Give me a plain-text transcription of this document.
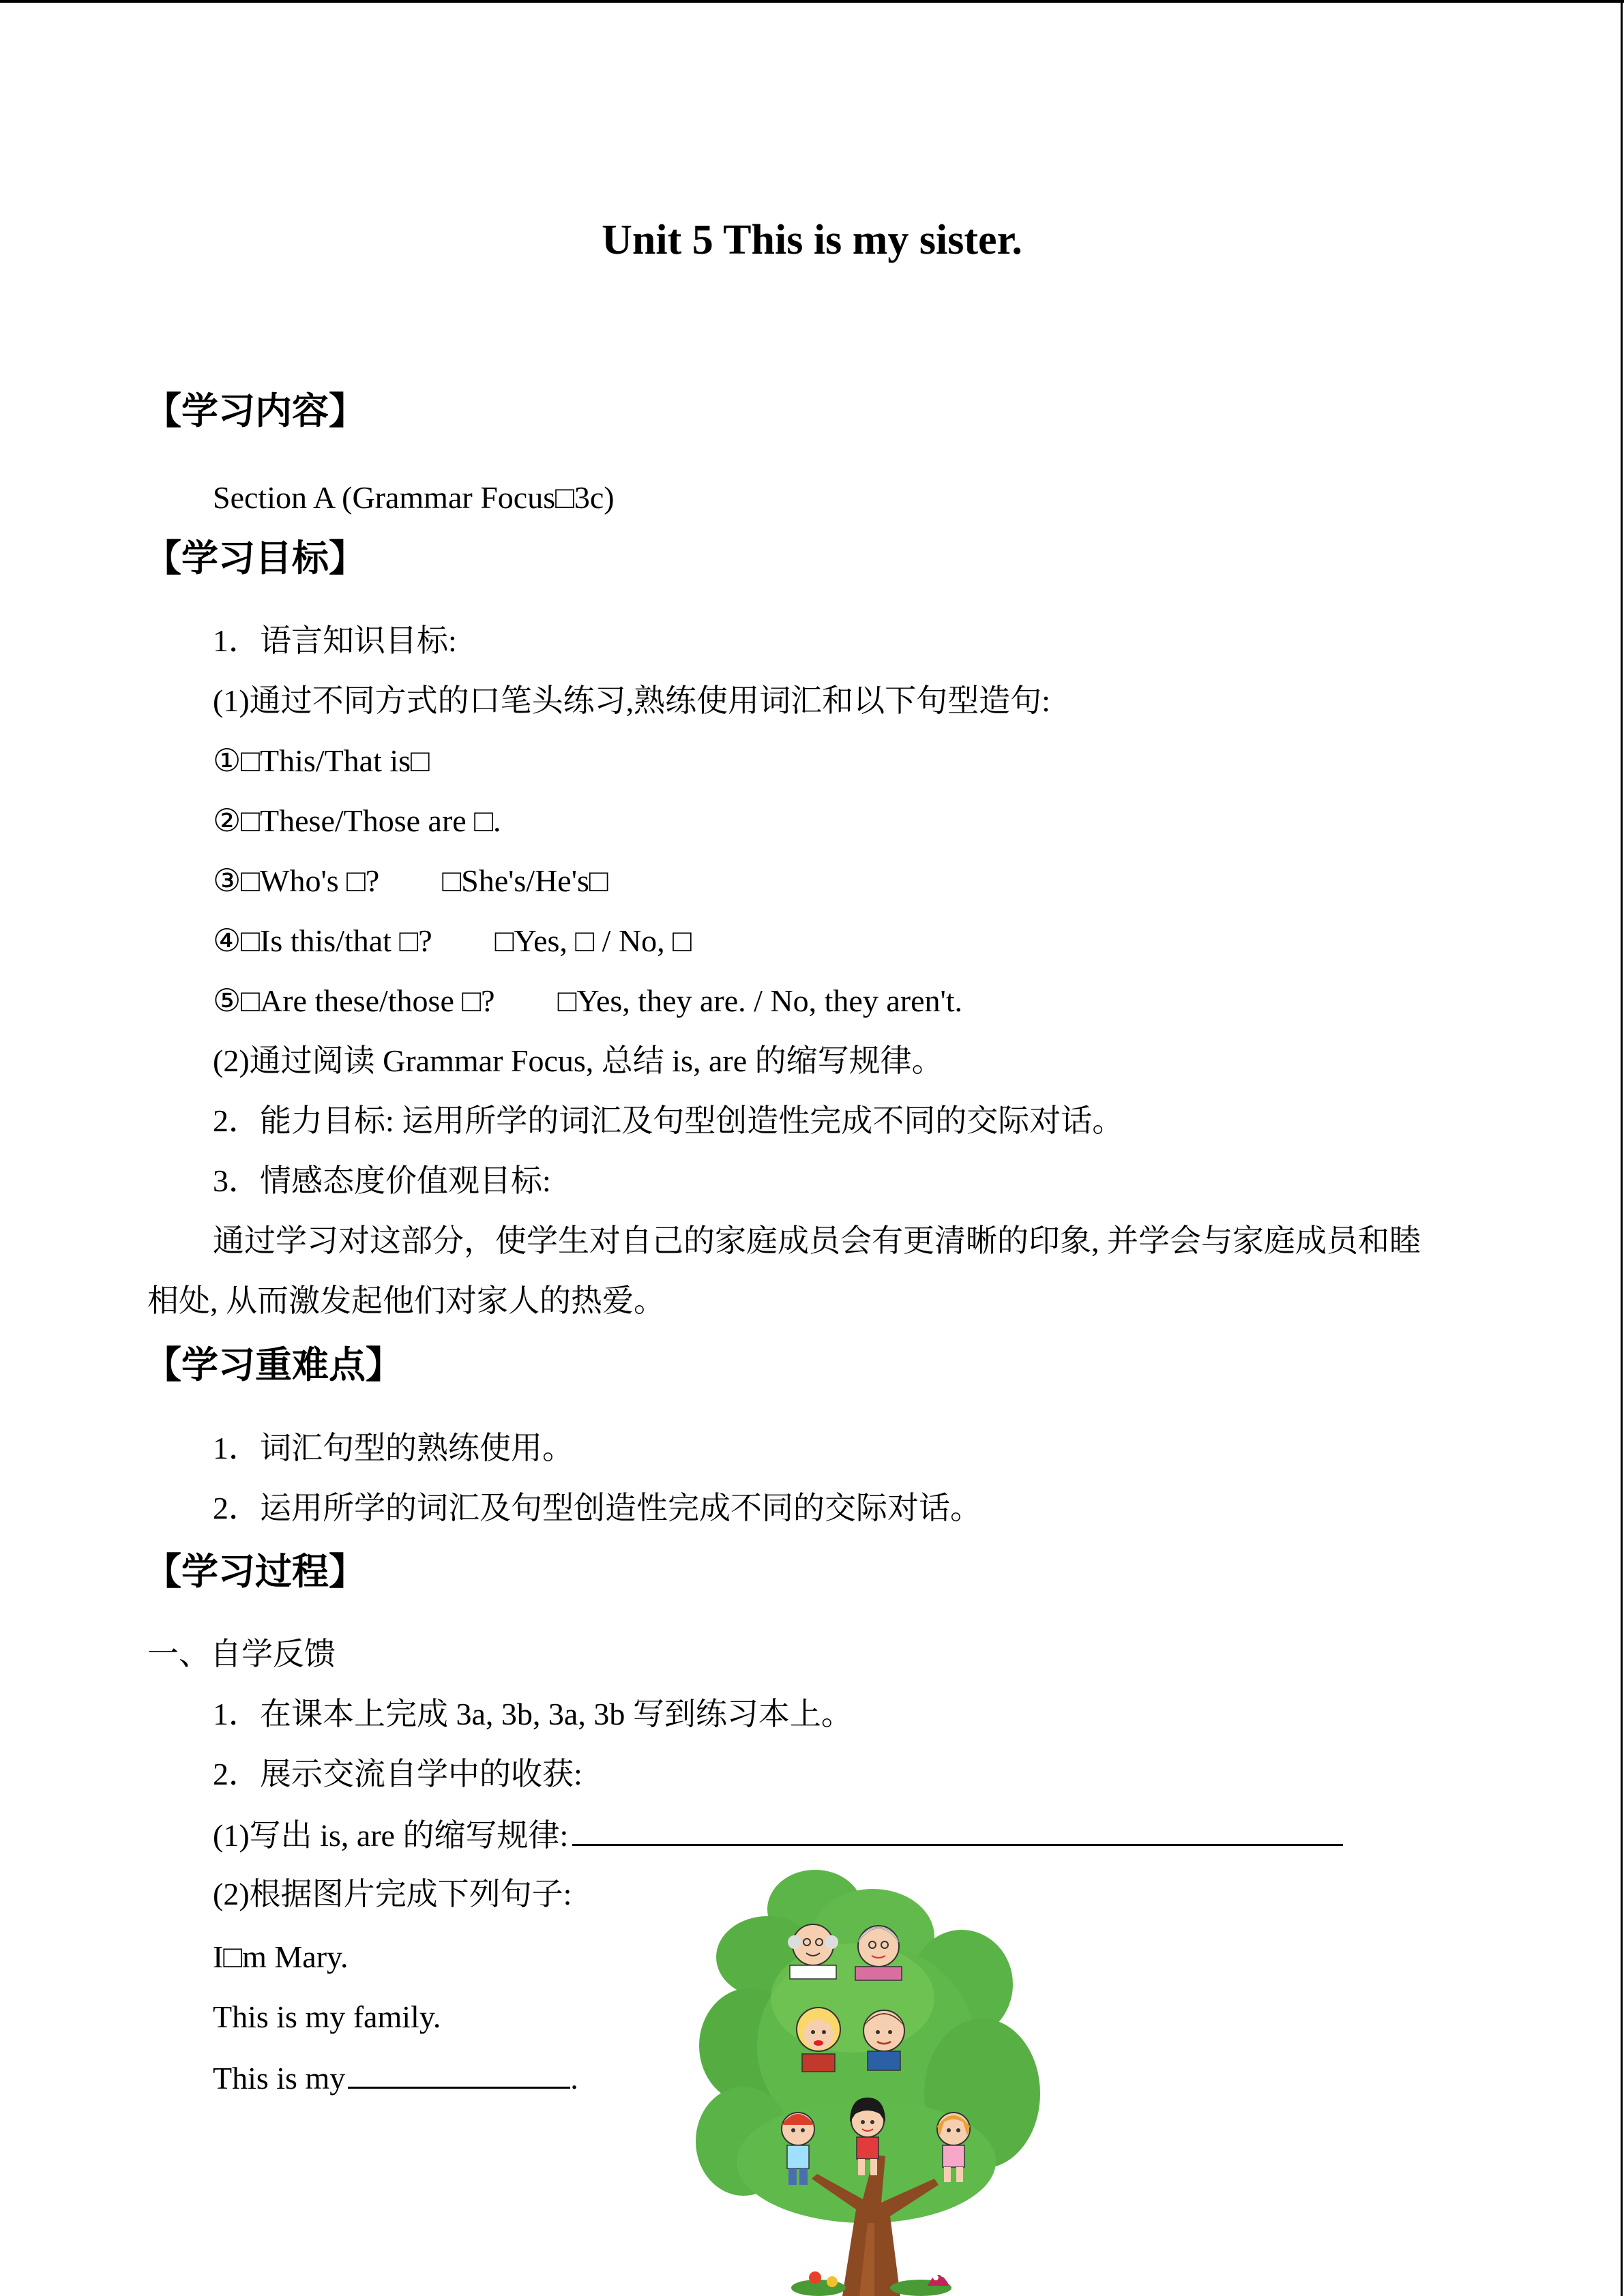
Unit 5 This is my sister.
【学习内容】
Section A (Grammar Focus□3c)
【学习目标】
1．语言知识目标:
(1)通过不同方式的口笔头练习,熟练使用词汇和以下句型造句:
①□This/That is□
②□These/Those are □.
③□Who's □?        □She's/He's□
④□Is this/that □?        □Yes, □ / No, □
⑤□Are these/those □?        □Yes, they are. / No, they aren't.
(2)通过阅读 Grammar Focus, 总结 is, are 的缩写规律。
2．能力目标: 运用所学的词汇及句型创造性完成不同的交际对话。
3．情感态度价值观目标:
通过学习对这部分，使学生对自己的家庭成员会有更清晰的印象, 并学会与家庭成员和睦
相处, 从而激发起他们对家人的热爱。
【学习重难点】
1．词汇句型的熟练使用。
2．运用所学的词汇及句型创造性完成不同的交际对话。
【学习过程】
一、自学反馈
1．在课本上完成 3a, 3b, 3a, 3b 写到练习本上。
2．展示交流自学中的收获:
(1)写出 is, are 的缩写规律:
(2)根据图片完成下列句子:
I□m Mary.
This is my family.
This is my	.
